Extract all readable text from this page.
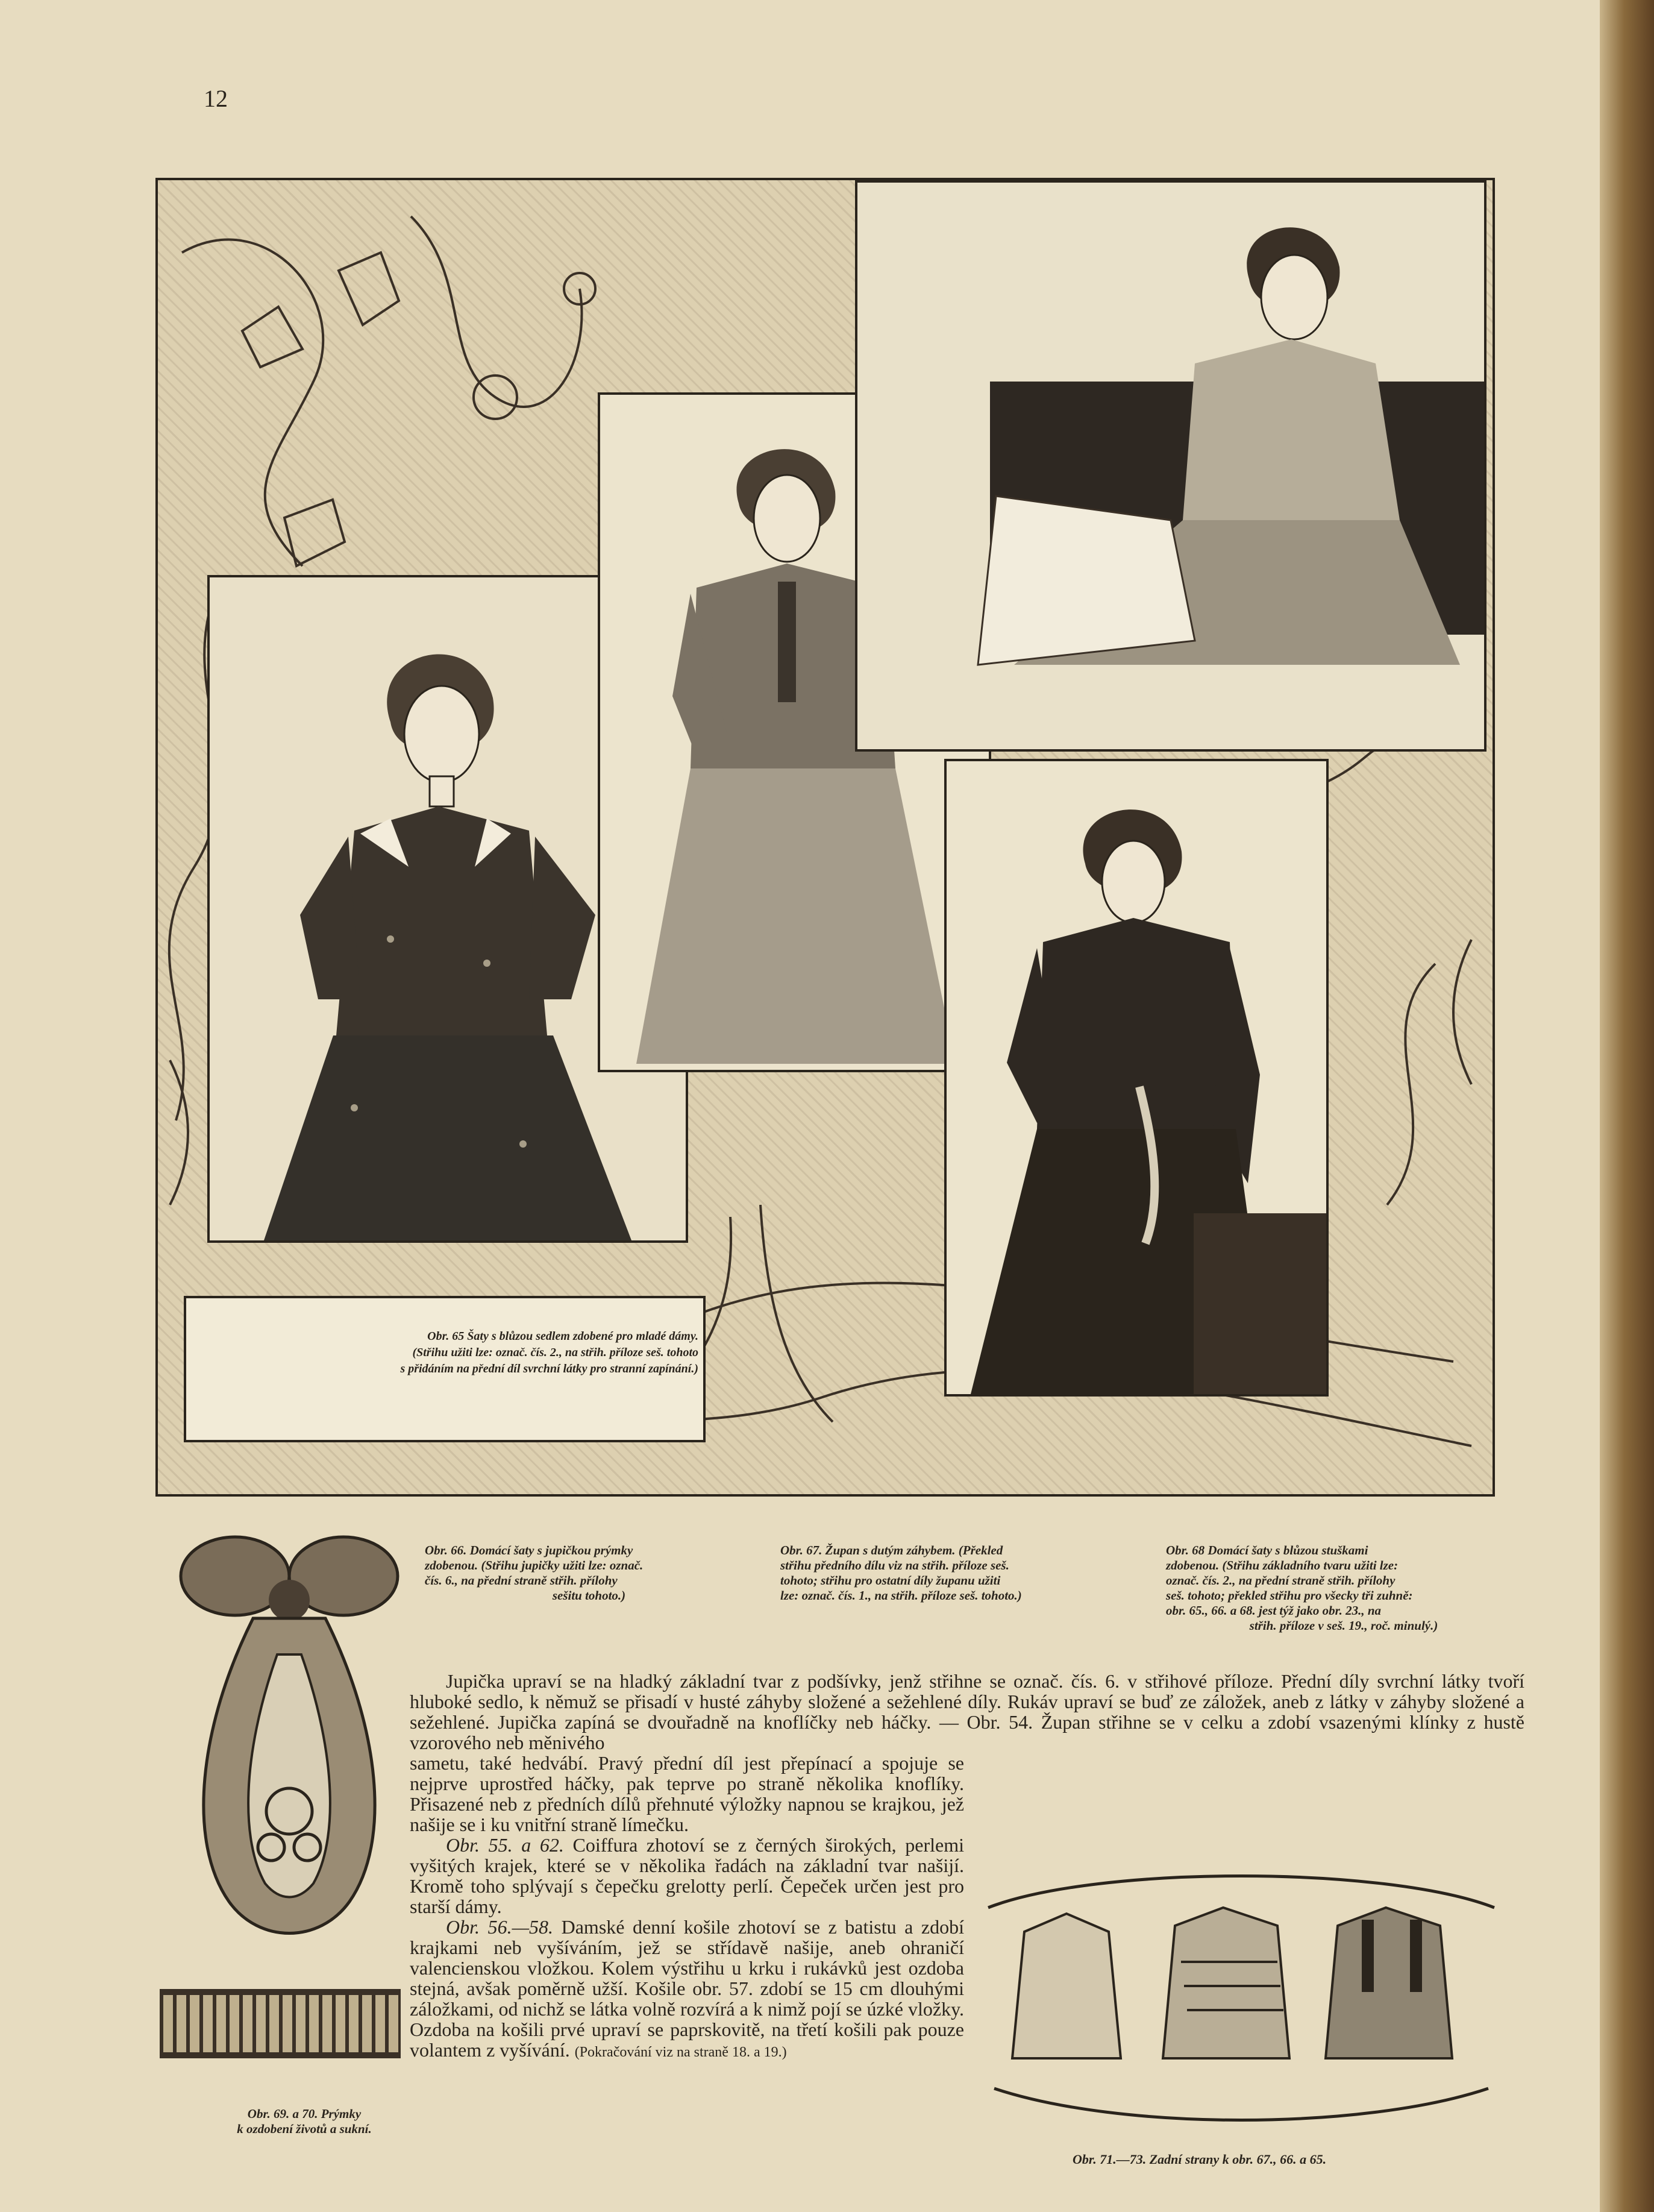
12
Obr. 65 Šaty s blůzou sedlem zdobené pro mladé dámy.
(Střihu užiti lze: označ. čís. 2., na střih. příloze seš. tohoto
s přidáním na přední díl svrchní látky pro stranní zapínání.)
Obr. 66. Domácí šaty s jupičkou prýmky
zdobenou. (Střihu jupičky užiti lze: označ.
čís. 6., na přední straně střih. přílohy
sešitu tohoto.)
Obr. 67. Župan s dutým záhybem. (Překled
střihu předního dílu viz na střih. příloze seš.
tohoto; střihu pro ostatní díly županu užiti
lze: označ. čís. 1., na střih. příloze seš. tohoto.)
Obr. 68 Domácí šaty s blůzou stuškami
zdobenou. (Střihu základního tvaru užiti lze:
označ. čís. 2., na přední straně střih. přílohy
seš. tohoto; překled střihu pro všecky tři zuhně:
obr. 65., 66. a 68. jest týž jako obr. 23., na
střih. příloze v seš. 19., roč. minulý.)
Obr. 69. a 70. Prýmky
k ozdobení životů a sukní.

Jupička upraví se na hladký základní tvar z podšívky, jenž střihne se označ. čís. 6. v střihové příloze. Přední díly svrchní látky tvoří hluboké sedlo, k němuž se přisadí v husté záhyby složené a sežehlené díly. Rukáv upraví se buď ze záložek, aneb z látky v záhyby složené a sežehlené. Jupička zapíná se dvouřadně na knoflíčky neb háčky. — Obr. 54. Župan střihne se v celku a zdobí vsazenými klínky z hustě vzorového neb měnivého

sametu, také hedvábí. Pravý přední díl jest přepínací a spojuje se nejprve uprostřed háčky, pak teprve po straně několika knoflíky. Přisazené neb z předních dílů přehnuté výložky napnou se krajkou, jež našije se i ku vnitřní straně límečku.

Obr. 55. a 62. Coiffura zhotoví se z černých širokých, perlemi vyšitých krajek, které se v několika řadách na základní tvar našijí. Kromě toho splývají s čepečku grelotty perlí. Čepeček určen jest pro starší dámy.

Obr. 56.—58. Damské denní košile zhotoví se z batistu a zdobí krajkami neb vyšíváním, jež se střídavě našije, aneb ohraničí valencienskou vložkou. Kolem výstřihu u krku i rukávků jest ozdoba stejná, avšak poměrně užší. Košile obr. 57. zdobí se 15 cm dlouhými záložkami, od nichž se látka volně rozvírá a k nimž pojí se úzké vložky. Ozdoba na košili prvé upraví se paprskovitě, na třetí košili pak pouze volantem z vyšívání. (Pokračování viz na straně 18. a 19.)

Obr. 71.—73. Zadní strany k obr. 67., 66. a 65.
